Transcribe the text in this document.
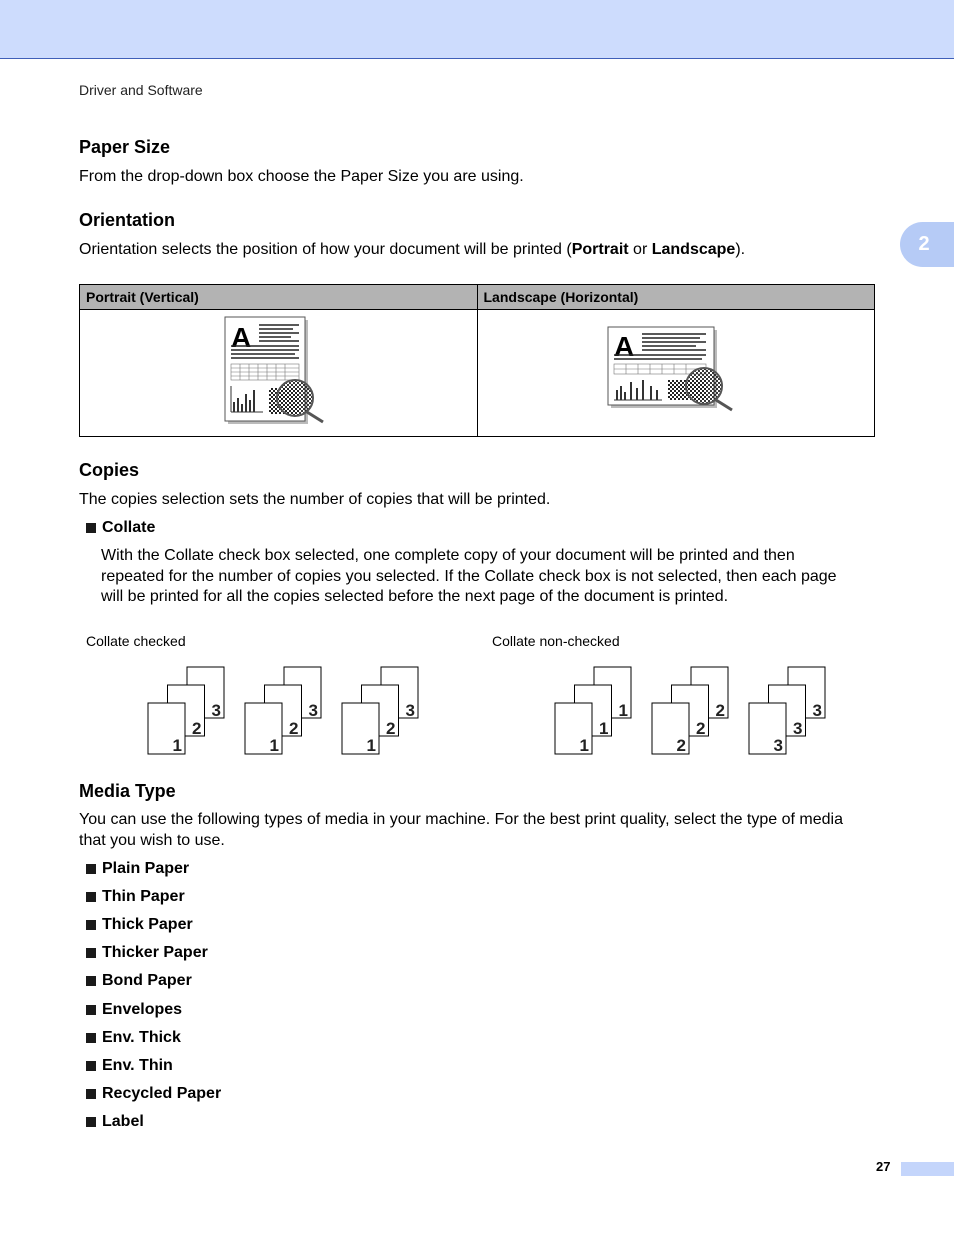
Driver and Software
2
Paper Size
From the drop-down box choose the Paper Size you are using.
Orientation
Orientation selects the position of how your document will be printed (Portrait or Landscape).
Portrait (Vertical)	Landscape (Horizontal)

A	A
Copies
The copies selection sets the number of copies that will be printed.
Collate
With the Collate check box selected, one complete copy of your document will be printed and then
repeated for the number of copies you selected. If the Collate check box is not selected, then each page
will be printed for all the copies selected before the next page of the document is printed.
Collate checked	Collate non-checked
3
2
1
3
2
1
3
2
1
1
1
1
2
2
2
3
3
3
Media Type
You can use the following types of media in your machine. For the best print quality, select the type of media
that you wish to use.
Plain Paper
Thin Paper
Thick Paper
Thicker Paper
Bond Paper
Envelopes
Env. Thick
Env. Thin
Recycled Paper
Label
27
